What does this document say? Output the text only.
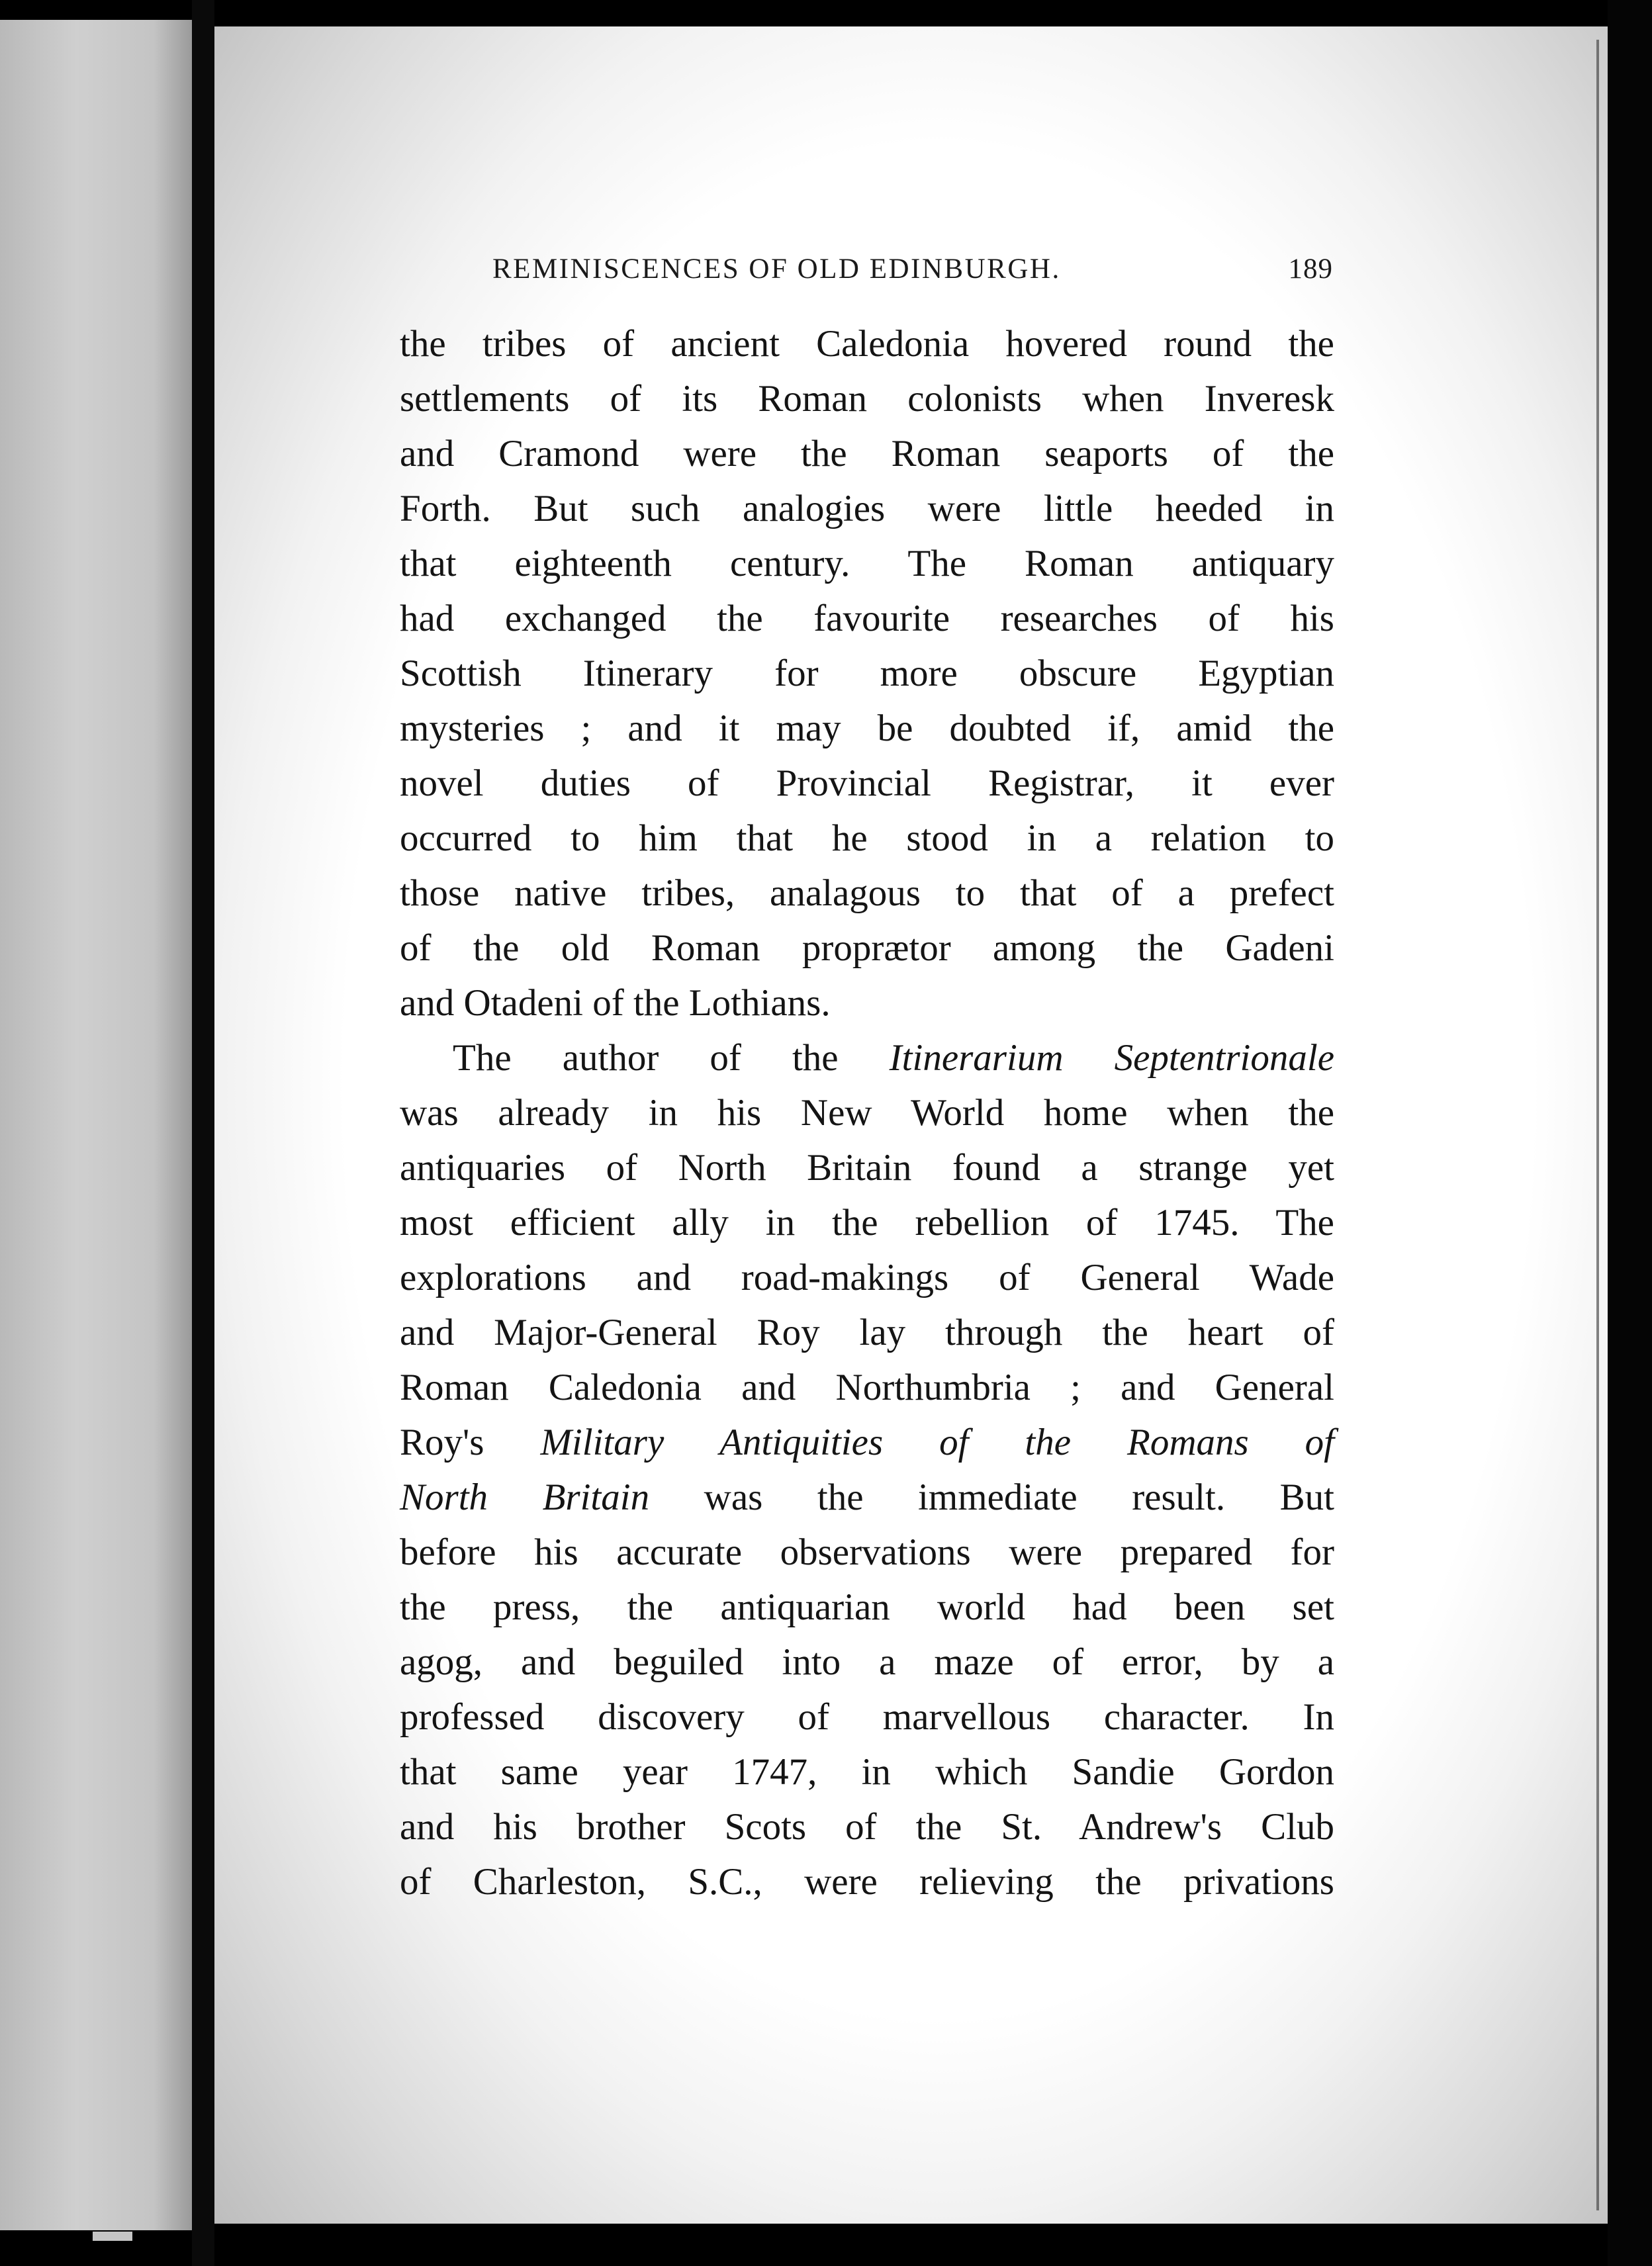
REMINISCENCES OF OLD EDINBURGH.	189
the tribes of ancient Caledonia hovered round the
settlements of its Roman colonists when Inveresk
and Cramond were the Roman seaports of the
Forth. But such analogies were little heeded in
that eighteenth century. The Roman antiquary
had exchanged the favourite researches of his
Scottish Itinerary for more obscure Egyptian
mysteries ; and it may be doubted if, amid the
novel duties of Provincial Registrar, it ever
occurred to him that he stood in a relation to
those native tribes, analagous to that of a prefect
of the old Roman proprætor among the Gadeni
and Otadeni of the Lothians.
The author of the Itinerarium Septentrionale
was already in his New World home when the
antiquaries of North Britain found a strange yet
most efficient ally in the rebellion of 1745. The
explorations and road-makings of General Wade
and Major-General Roy lay through the heart of
Roman Caledonia and Northumbria ; and General
Roy's Military Antiquities of the Romans of
North Britain was the immediate result. But
before his accurate observations were prepared for
the press, the antiquarian world had been set
agog, and beguiled into a maze of error, by a
professed discovery of marvellous character. In
that same year 1747, in which Sandie Gordon
and his brother Scots of the St. Andrew's Club
of Charleston, S.C., were relieving the privations
